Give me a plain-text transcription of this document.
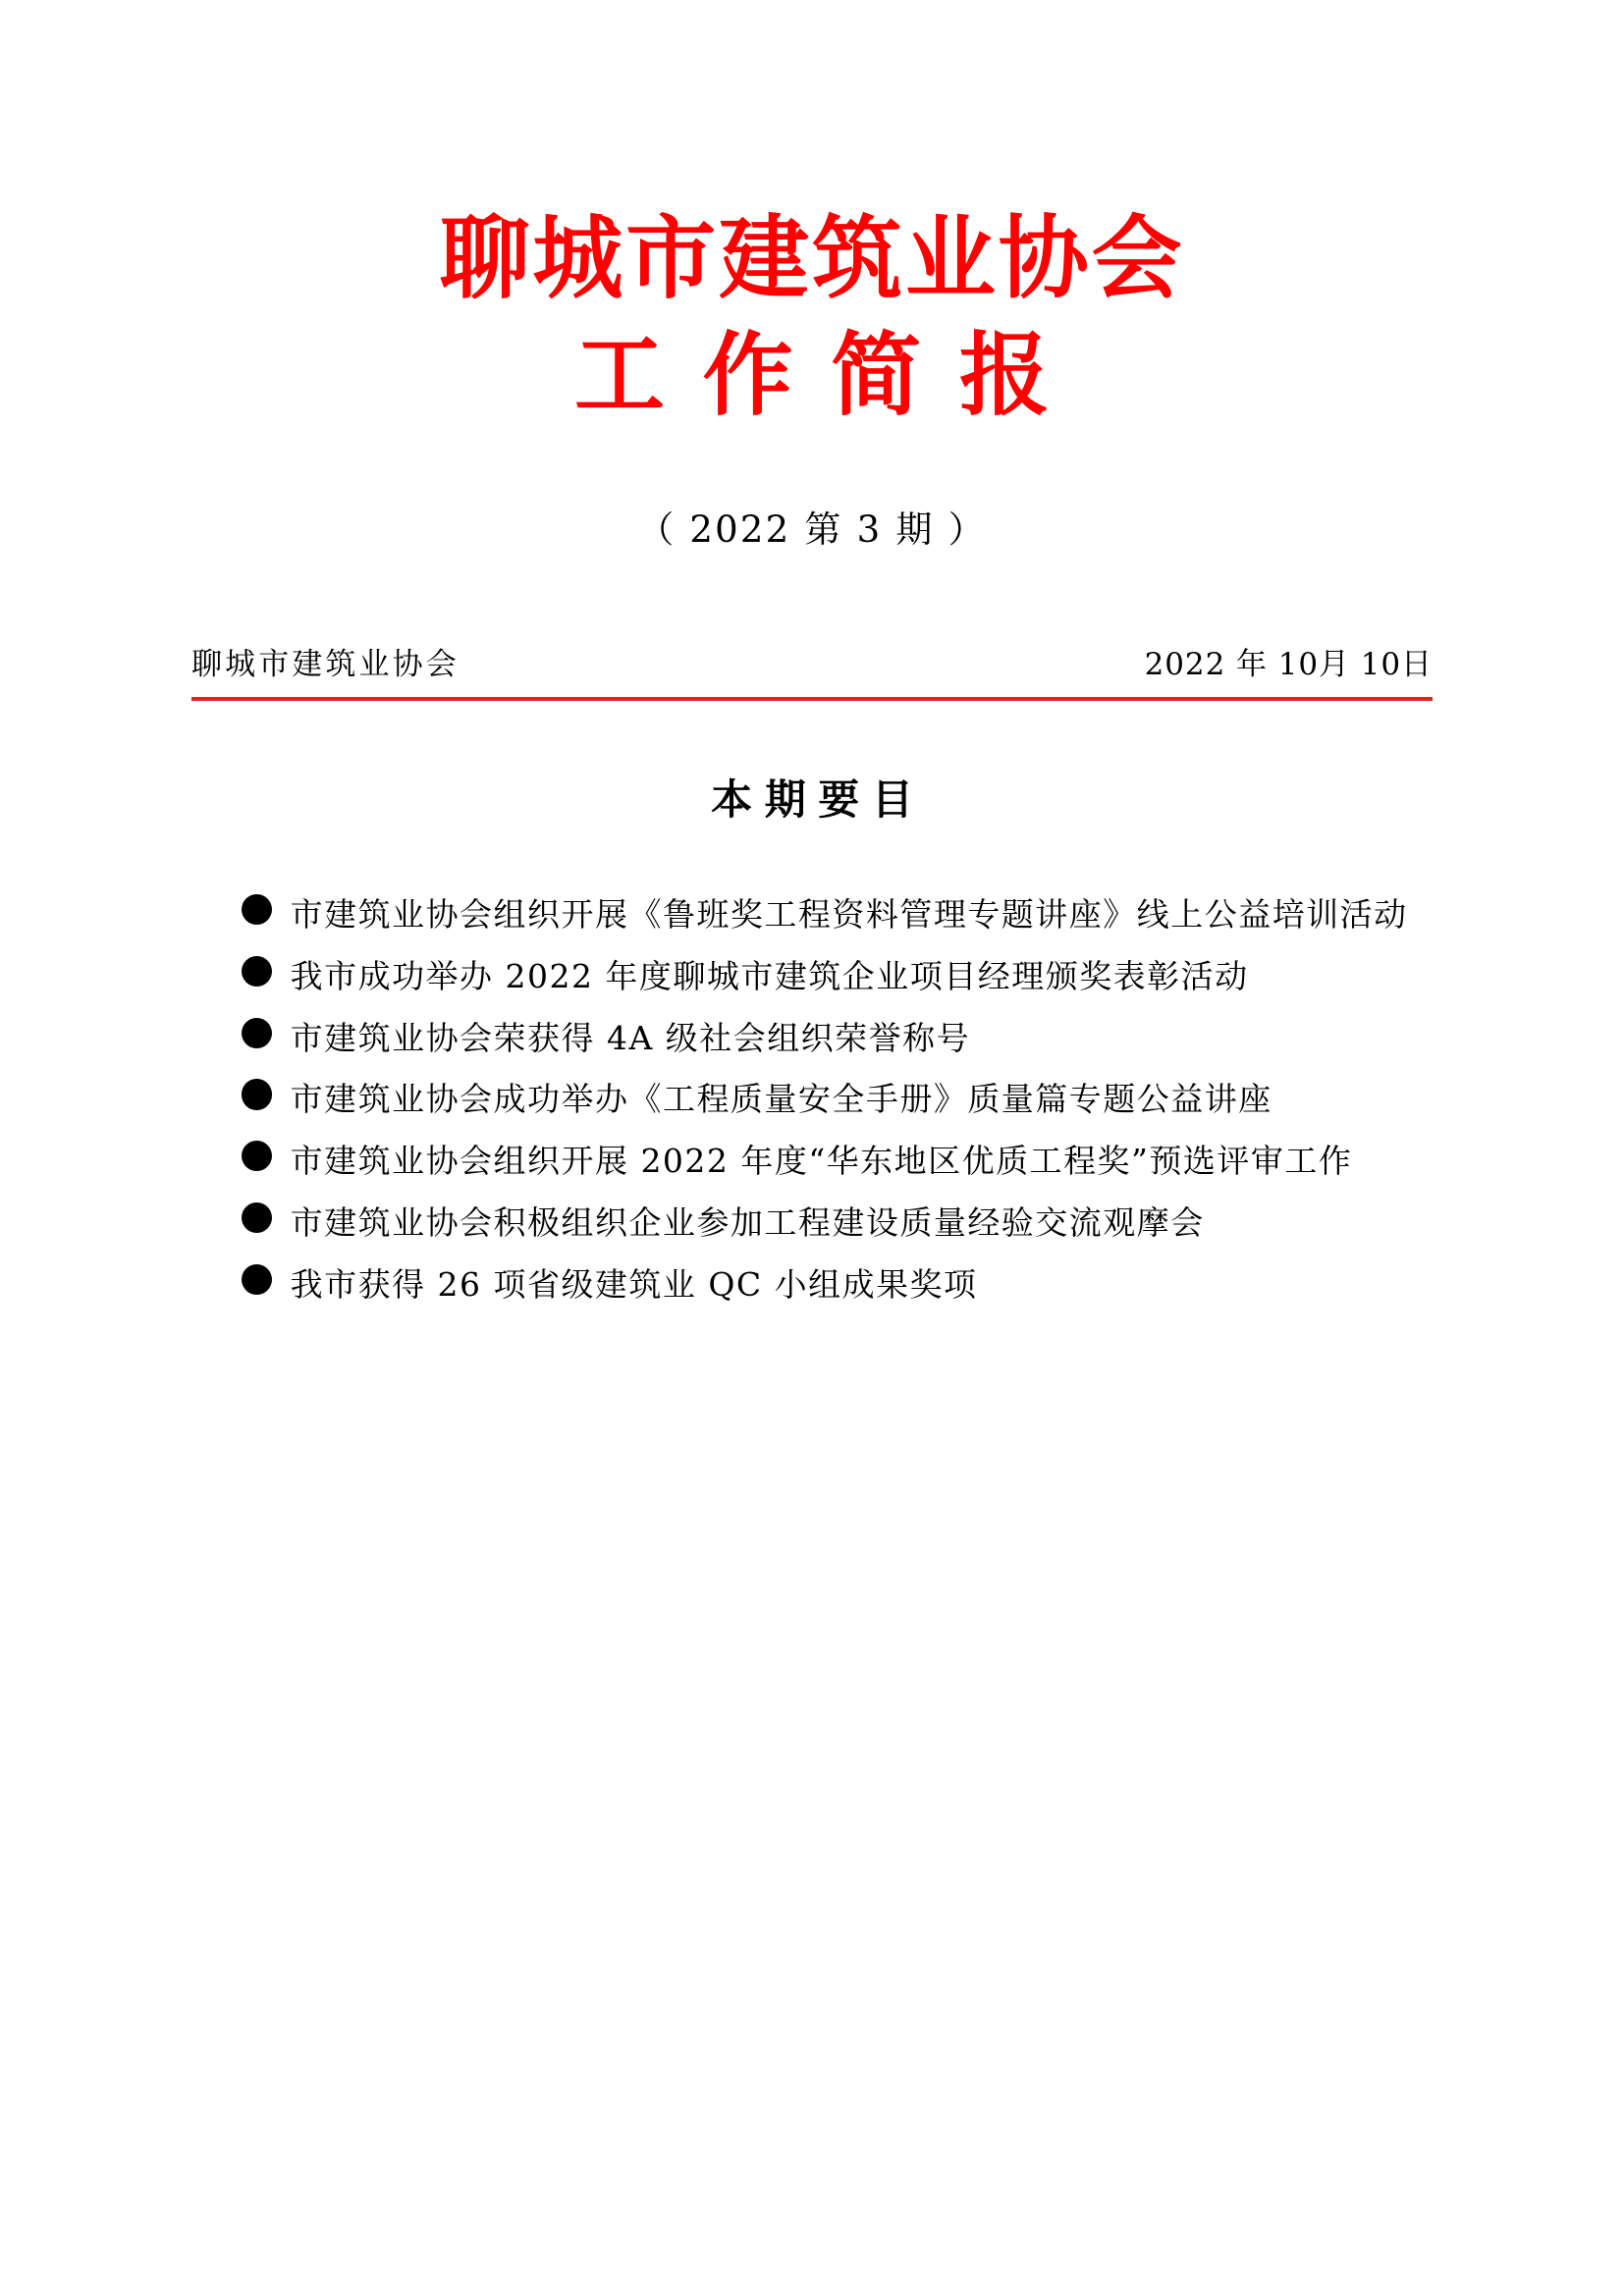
聊城市建筑业协会
工作简报
（ 2022 第 3 期 ）
聊城市建筑业协会	2022 年 10月 10日
本期要目
市建筑业协会组织开展《鲁班奖工程资料管理专题讲座》线上公益培训活动
我市成功举办 2022 年度聊城市建筑企业项目经理颁奖表彰活动
市建筑业协会荣获得 4A 级社会组织荣誉称号
市建筑业协会成功举办《工程质量安全手册》质量篇专题公益讲座
市建筑业协会组织开展 2022 年度“华东地区优质工程奖”预选评审工作
市建筑业协会积极组织企业参加工程建设质量经验交流观摩会
我市获得 26 项省级建筑业 QC 小组成果奖项
